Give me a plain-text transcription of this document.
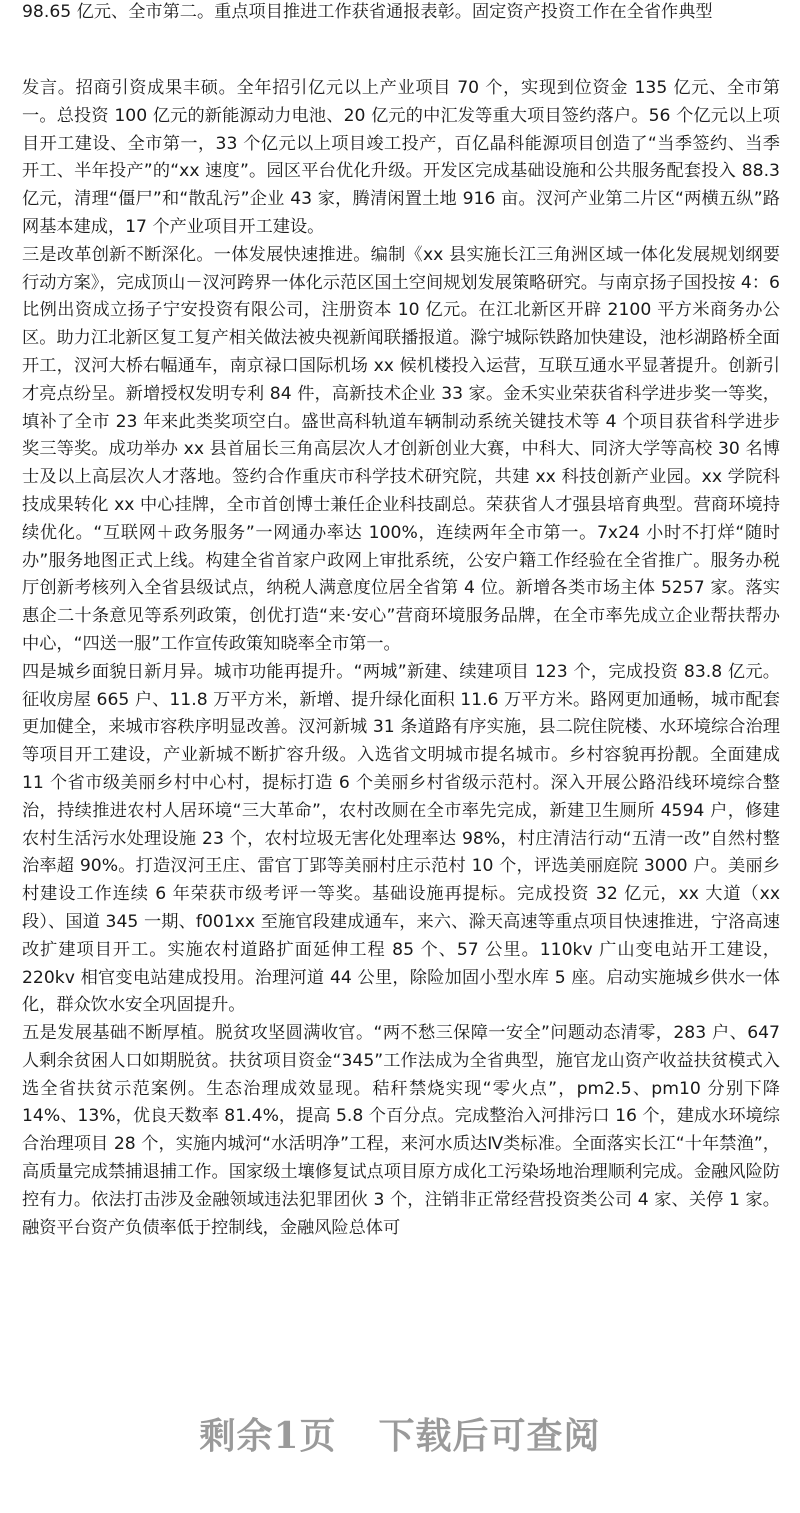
98.65 亿元、全市第二。重点项目推进工作获省通报表彰。固定资产投资工作在全省作典型

发言。招商引资成果丰硕。全年招引亿元以上产业项目 70 个，实现到位资金 135 亿元、全市第一。总投资 100 亿元的新能源动力电池、20 亿元的中汇发等重大项目签约落户。56 个亿元以上项目开工建设、全市第一，33 个亿元以上项目竣工投产，百亿晶科能源项目创造了“当季签约、当季开工、半年投产”的“xx 速度”。园区平台优化升级。开发区完成基础设施和公共服务配套投入 88.3 亿元，清理“僵尸”和“散乱污”企业 43 家，腾清闲置土地 916 亩。汊河产业第二片区“两横五纵”路网基本建成，17 个产业项目开工建设。

三是改革创新不断深化。一体发展快速推进。编制《xx 县实施长江三角洲区域一体化发展规划纲要行动方案》，完成顶山－汊河跨界一体化示范区国土空间规划发展策略研究。与南京扬子国投按 4：6 比例出资成立扬子宁安投资有限公司，注册资本 10 亿元。在江北新区开辟 2100 平方米商务办公区。助力江北新区复工复产相关做法被央视新闻联播报道。滁宁城际铁路加快建设，池杉湖路桥全面开工，汊河大桥右幅通车，南京禄口国际机场 xx 候机楼投入运营，互联互通水平显著提升。创新引才亮点纷呈。新增授权发明专利 84 件，高新技术企业 33 家。金禾实业荣获省科学进步奖一等奖，填补了全市 23 年来此类奖项空白。盛世高科轨道车辆制动系统关键技术等 4 个项目获省科学进步奖三等奖。成功举办 xx 县首届长三角高层次人才创新创业大赛，中科大、同济大学等高校 30 名博士及以上高层次人才落地。签约合作重庆市科学技术研究院，共建 xx 科技创新产业园。xx 学院科技成果转化 xx 中心挂牌，全市首创博士兼任企业科技副总。荣获省人才强县培育典型。营商环境持续优化。“互联网＋政务服务”一网通办率达 100%，连续两年全市第一。7x24 小时不打烊“随时办”服务地图正式上线。构建全省首家户政网上审批系统，公安户籍工作经验在全省推广。服务办税厅创新考核列入全省县级试点，纳税人满意度位居全省第 4 位。新增各类市场主体 5257 家。落实惠企二十条意见等系列政策，创优打造“来·安心”营商环境服务品牌，在全市率先成立企业帮扶帮办中心，“四送一服”工作宣传政策知晓率全市第一。

四是城乡面貌日新月异。城市功能再提升。“两城”新建、续建项目 123 个，完成投资 83.8 亿元。征收房屋 665 户、11.8 万平方米，新增、提升绿化面积 11.6 万平方米。路网更加通畅，城市配套更加健全，来城市容秩序明显改善。汊河新城 31 条道路有序实施，县二院住院楼、水环境综合治理等项目开工建设，产业新城不断扩容升级。入选省文明城市提名城市。乡村容貌再扮靓。全面建成 11 个省市级美丽乡村中心村，提标打造 6 个美丽乡村省级示范村。深入开展公路沿线环境综合整治，持续推进农村人居环境“三大革命”，农村改厕在全市率先完成，新建卫生厕所 4594 户，修建农村生活污水处理设施 23 个，农村垃圾无害化处理率达 98%，村庄清洁行动“五清一改”自然村整治率超 90%。打造汊河王庄、雷官丁郢等美丽村庄示范村 10 个，评选美丽庭院 3000 户。美丽乡村建设工作连续 6 年荣获市级考评一等奖。基础设施再提标。完成投资 32 亿元，xx 大道（xx 段）、国道 345 一期、f001xx 至施官段建成通车，来六、滁天高速等重点项目快速推进，宁洛高速改扩建项目开工。实施农村道路扩面延伸工程 85 个、57 公里。110kv 广山变电站开工建设，220kv 相官变电站建成投用。治理河道 44 公里，除险加固小型水库 5 座。启动实施城乡供水一体化，群众饮水安全巩固提升。

五是发展基础不断厚植。脱贫攻坚圆满收官。“两不愁三保障一安全”问题动态清零，283 户、647 人剩余贫困人口如期脱贫。扶贫项目资金“345”工作法成为全省典型，施官龙山资产收益扶贫模式入选全省扶贫示范案例。生态治理成效显现。秸秆禁烧实现“零火点”，pm2.5、pm10 分别下降 14%、13%，优良天数率 81.4%，提高 5.8 个百分点。完成整治入河排污口 16 个，建成水环境综合治理项目 28 个，实施内城河“水活明净”工程，来河水质达Ⅳ类标准。全面落实长江“十年禁渔”，高质量完成禁捕退捕工作。国家级土壤修复试点项目原方成化工污染场地治理顺利完成。金融风险防控有力。依法打击涉及金融领域违法犯罪团伙 3 个，注销非正常经营投资类公司 4 家、关停 1 家。融资平台资产负债率低于控制线，金融风险总体可

剩余1页 下载后可查阅
